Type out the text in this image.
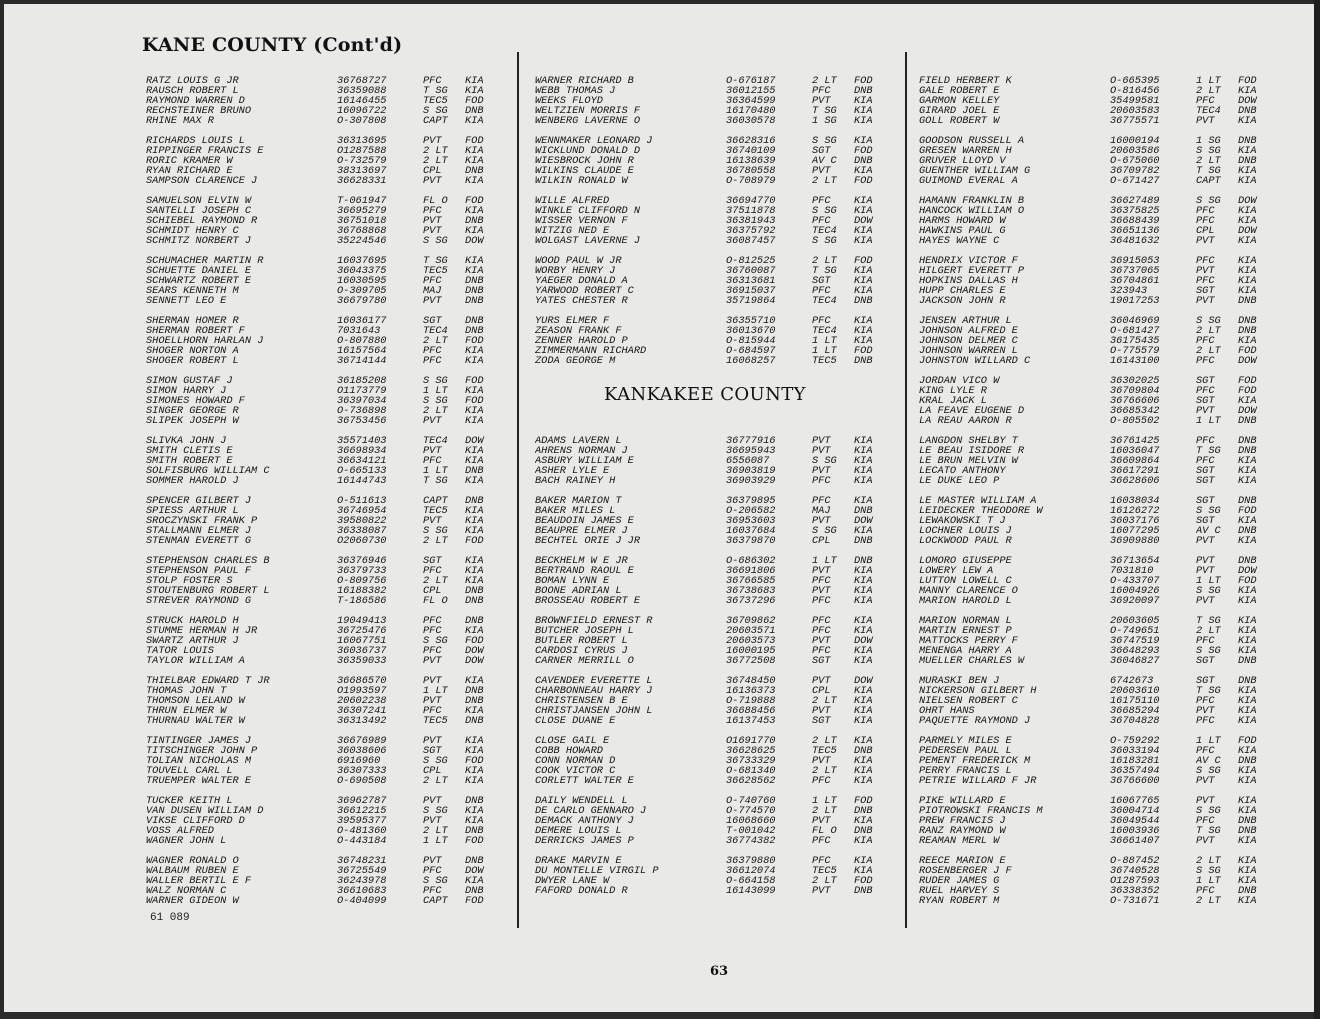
KANE COUNTY (Cont'd)
KANKAKEE COUNTY
RATZ LOUIS G JR	36768727	PFC	KIA
RAUSCH ROBERT L	36359088	T SG	KIA
RAYMOND WARREN D	16146455	TEC5	FOD
RECHSTEINER BRUNO	16096722	S SG	DNB
RHINE MAX R	O-307808	CAPT	KIA
RICHARDS LOUIS L	36313695	PVT	FOD
RIPPINGER FRANCIS E	O1287588	2 LT	KIA
RORIC KRAMER W	O-732579	2 LT	KIA
RYAN RICHARD E	38313697	CPL	DNB
SAMPSON CLARENCE J	36628331	PVT	KIA
SAMUELSON ELVIN W	T-061947	FL O	FOD
SANTELLI JOSEPH C	36695279	PFC	KIA
SCHIEBEL RAYMOND R	36751018	PVT	DNB
SCHMIDT HENRY C	36768868	PVT	KIA
SCHMITZ NORBERT J	35224546	S SG	DOW
SCHUMACHER MARTIN R	16037695	T SG	KIA
SCHUETTE DANIEL E	36043375	TEC5	KIA
SCHWARTZ ROBERT E	16030595	PFC	DNB
SEARS KENNETH M	O-309705	MAJ	DNB
SENNETT LEO E	36679780	PVT	DNB
SHERMAN HOMER R	16036177	SGT	DNB
SHERMAN ROBERT F	7031643	TEC4	DNB
SHOELLHORN HARLAN J	O-807880	2 LT	FOD
SHOGER NORTON A	16157564	PFC	KIA
SHOGER ROBERT L	36714144	PFC	KIA
SIMON GUSTAF J	36185208	S SG	FOD
SIMON HARRY J	O1173779	1 LT	KIA
SIMONES HOWARD F	36397034	S SG	FOD
SINGER GEORGE R	O-736898	2 LT	KIA
SLIPEK JOSEPH W	36753456	PVT	KIA
SLIVKA JOHN J	35571403	TEC4	DOW
SMITH CLETIS E	36698934	PVT	KIA
SMITH ROBERT E	36634121	PFC	KIA
SOLFISBURG WILLIAM C	O-665133	1 LT	DNB
SOMMER HAROLD J	16144743	T SG	KIA
SPENCER GILBERT J	O-511613	CAPT	DNB
SPIESS ARTHUR L	36746954	TEC5	KIA
SROCZYNSKI FRANK P	39580822	PVT	KIA
STALLMANN ELMER J	36338087	S SG	KIA
STENMAN EVERETT G	O2060730	2 LT	FOD
STEPHENSON CHARLES B	36376946	SGT	KIA
STEPHENSON PAUL F	36379733	PFC	KIA
STOLP FOSTER S	O-809756	2 LT	KIA
STOUTENBURG ROBERT L	16188382	CPL	DNB
STREVER RAYMOND G	T-186586	FL O	DNB
STRUCK HAROLD H	19049413	PFC	DNB
STUMME HERMAN H JR	36725476	PFC	KIA
SWARTZ ARTHUR J	16067751	S SG	FOD
TATOR LOUIS	36036737	PFC	DOW
TAYLOR WILLIAM A	36359033	PVT	DOW
THIELBAR EDWARD T JR	36686570	PVT	KIA
THOMAS JOHN T	O1993597	1 LT	DNB
THOMSON LELAND W	20602238	PVT	DNB
THRUN ELMER W	36307241	PFC	KIA
THURNAU WALTER W	36313492	TEC5	DNB
TINTINGER JAMES J	36676989	PVT	KIA
TITSCHINGER JOHN P	36038606	SGT	KIA
TOLIAN NICHOLAS M	6916960	S SG	FOD
TOUVELL CARL L	36307333	CPL	KIA
TRUEMPER WALTER E	O-690508	2 LT	KIA
TUCKER KEITH L	36962787	PVT	DNB
VAN DUSEN WILLIAM D	36612215	S SG	KIA
VIKSE CLIFFORD D	39595377	PVT	KIA
VOSS ALFRED	O-481360	2 LT	DNB
WAGNER JOHN L	O-443184	1 LT	FOD
WAGNER RONALD O	36748231	PVT	DNB
WALBAUM RUBEN E	36725549	PFC	DOW
WALLER BERTIL E F	36243978	S SG	KIA
WALZ NORMAN C	36610683	PFC	DNB
WARNER GIDEON W	O-404099	CAPT	FOD
WARNER RICHARD B	O-676187	2 LT	FOD
WEBB THOMAS J	36012155	PFC	DNB
WEEKS FLOYD	36364599	PVT	KIA
WELTZIEN MORRIS F	16170480	T SG	KIA
WENBERG LAVERNE O	36030578	1 SG	KIA
WENNMAKER LEONARD J	36628316	S SG	KIA
WICKLUND DONALD D	36740109	SGT	FOD
WIESBROCK JOHN R	16138639	AV C	DNB
WILKINS CLAUDE E	36780558	PVT	KIA
WILKIN RONALD W	O-708979	2 LT	FOD
WILLE ALFRED	36694770	PFC	KIA
WINKLE CLIFFORD N	37511878	S SG	KIA
WISSER VERNON F	36381943	PFC	DOW
WITZIG NED E	36375792	TEC4	KIA
WOLGAST LAVERNE J	36087457	S SG	KIA
WOOD PAUL W JR	O-812525	2 LT	FOD
WORBY HENRY J	36760087	T SG	KIA
YAEGER DONALD A	36313681	SGT	KIA
YARWOOD ROBERT C	36915037	PFC	KIA
YATES CHESTER R	35719864	TEC4	DNB
YURS ELMER F	36355710	PFC	KIA
ZEASON FRANK F	36013670	TEC4	KIA
ZENNER HAROLD P	O-815944	1 LT	KIA
ZIMMERMANN RICHARD	O-684597	1 LT	FOD
ZODA GEORGE M	16068257	TEC5	DNB
ADAMS LAVERN L	36777916	PVT	KIA
AHRENS NORMAN J	36695943	PVT	KIA
ASBURY WILLIAM E	6556087	S SG	KIA
ASHER LYLE E	36903819	PVT	KIA
BACH RAINEY H	36903929	PFC	KIA
BAKER MARION T	36379895	PFC	KIA
BAKER MILES L	O-206582	MAJ	DNB
BEAUDOIN JAMES E	36953603	PVT	DOW
BEAUPRE ELMER J	16037684	S SG	KIA
BECHTEL ORIE J JR	36379870	CPL	DNB
BECKHELM W E JR	O-686302	1 LT	DNB
BERTRAND RAOUL E	36691806	PVT	KIA
BOMAN LYNN E	36766585	PFC	KIA
BOONE ADRIAN L	36738683	PVT	KIA
BROSSEAU ROBERT E	36737296	PFC	KIA
BROWNFIELD ERNEST R	36709862	PFC	KIA
BUTCHER JOSEPH L	20603571	PFC	KIA
BUTLER ROBERT L	20603573	PVT	DOW
CARDOSI CYRUS J	16000195	PFC	KIA
CARNER MERRILL O	36772508	SGT	KIA
CAVENDER EVERETTE L	36748450	PVT	DOW
CHARBONNEAU HARRY J	16136373	CPL	KIA
CHRISTENSEN B E	O-719888	2 LT	KIA
CHRISTJANSEN JOHN L	36688456	PVT	KIA
CLOSE DUANE E	16137453	SGT	KIA
CLOSE GAIL E	O1691770	2 LT	KIA
COBB HOWARD	36628625	TEC5	DNB
CONN NORMAN D	36733329	PVT	KIA
COOK VICTOR C	O-681340	2 LT	KIA
CORLETT WALTER E	36628562	PFC	KIA
DAILY WENDELL L	O-740760	1 LT	FOD
DE CARLO GENNARO J	O-774570	2 LT	DNB
DEMACK ANTHONY J	16068660	PVT	KIA
DEMERE LOUIS L	T-001042	FL O	DNB
DERRICKS JAMES P	36774382	PFC	KIA
DRAKE MARVIN E	36379880	PFC	KIA
DU MONTELLE VIRGIL P	36612074	TEC5	KIA
DWYER LANE W	O-664158	2 LT	FOD
FAFORD DONALD R	16143099	PVT	DNB
FIELD HERBERT K	O-665395	1 LT	FOD
GALE ROBERT E	O-816456	2 LT	KIA
GARMON KELLEY	35499581	PFC	DOW
GIRARD JOEL E	20603583	TEC4	DNB
GOLL ROBERT W	36775571	PVT	KIA
GOODSON RUSSELL A	16000194	1 SG	DNB
GRESEN WARREN H	20603586	S SG	KIA
GRUVER LLOYD V	O-675060	2 LT	DNB
GUENTHER WILLIAM G	36709782	T SG	KIA
GUIMOND EVERAL A	O-671427	CAPT	KIA
HAMANN FRANKLIN B	36627489	S SG	DOW
HANCOCK WILLIAM O	36375825	PFC	KIA
HARMS HOWARD W	36688439	PFC	KIA
HAWKINS PAUL G	36651136	CPL	DOW
HAYES WAYNE C	36481632	PVT	KIA
HENDRIX VICTOR F	36915053	PFC	KIA
HILGERT EVERETT P	36737065	PVT	KIA
HOPKINS DALLAS H	36704861	PFC	KIA
HUPP CHARLES E	323943	SGT	KIA
JACKSON JOHN R	19017253	PVT	DNB
JENSEN ARTHUR L	36046969	S SG	DNB
JOHNSON ALFRED E	O-681427	2 LT	DNB
JOHNSON DELMER C	36175435	PFC	KIA
JOHNSON WARREN L	O-775579	2 LT	FOD
JOHNSTON WILLARD C	16143100	PFC	DOW
JORDAN VICO W	36302025	SGT	FOD
KING LYLE R	36709804	PFC	FOD
KRAL JACK L	36766606	SGT	KIA
LA FEAVE EUGENE D	36685342	PVT	DOW
LA REAU AARON R	O-805502	1 LT	DNB
LANGDON SHELBY T	36761425	PFC	DNB
LE BEAU ISIDORE R	16036047	T SG	DNB
LE BRUN MELVIN W	36609864	PFC	KIA
LECATO ANTHONY	36617291	SGT	KIA
LE DUKE LEO P	36628606	SGT	KIA
LE MASTER WILLIAM A	16038034	SGT	DNB
LEIDECKER THEODORE W	16126272	S SG	FOD
LEWAKOWSKI T J	36037176	SGT	KIA
LOCHNER LOUIS J	16077295	AV C	DNB
LOCKWOOD PAUL R	36909880	PVT	KIA
LOMORO GIUSEPPE	36713654	PVT	DNB
LOWERY LEW A	7031810	PVT	DOW
LUTTON LOWELL C	O-433707	1 LT	FOD
MANNY CLARENCE O	16004926	S SG	KIA
MARION HAROLD L	36920097	PVT	KIA
MARION NORMAN L	20603605	T SG	KIA
MARTIN ERNEST P	O-749651	2 LT	KIA
MATTOCKS PERRY F	36747519	PFC	KIA
MENENGA HARRY A	36648293	S SG	KIA
MUELLER CHARLES W	36046827	SGT	DNB
MURASKI BEN J	6742673	SGT	DNB
NICKERSON GILBERT H	20603610	T SG	KIA
NIELSEN ROBERT C	16175110	PFC	KIA
OHRT HANS	36685294	PVT	KIA
PAQUETTE RAYMOND J	36704828	PFC	KIA
PARMELY MILES E	O-759292	1 LT	FOD
PEDERSEN PAUL L	36033194	PFC	KIA
PEMENT FREDERICK M	16183281	AV C	DNB
PERRY FRANCIS L	36357494	S SG	KIA
PETRIE WILLARD F JR	36766600	PVT	KIA
PIKE WILLARD E	16067765	PVT	KIA
PIOTROWSKI FRANCIS M	36004714	S SG	KIA
PREW FRANCIS J	36049544	PFC	DNB
RANZ RAYMOND W	16003936	T SG	DNB
REAMAN MERL W	36661407	PVT	KIA
REECE MARION E	O-887452	2 LT	KIA
ROSENBERGER J F	36740528	S SG	KIA
RUDER JAMES G	O1287593	1 LT	KIA
RUEL HARVEY S	36338352	PFC	DNB
RYAN ROBERT M	O-731671	2 LT	KIA
61 089
63
